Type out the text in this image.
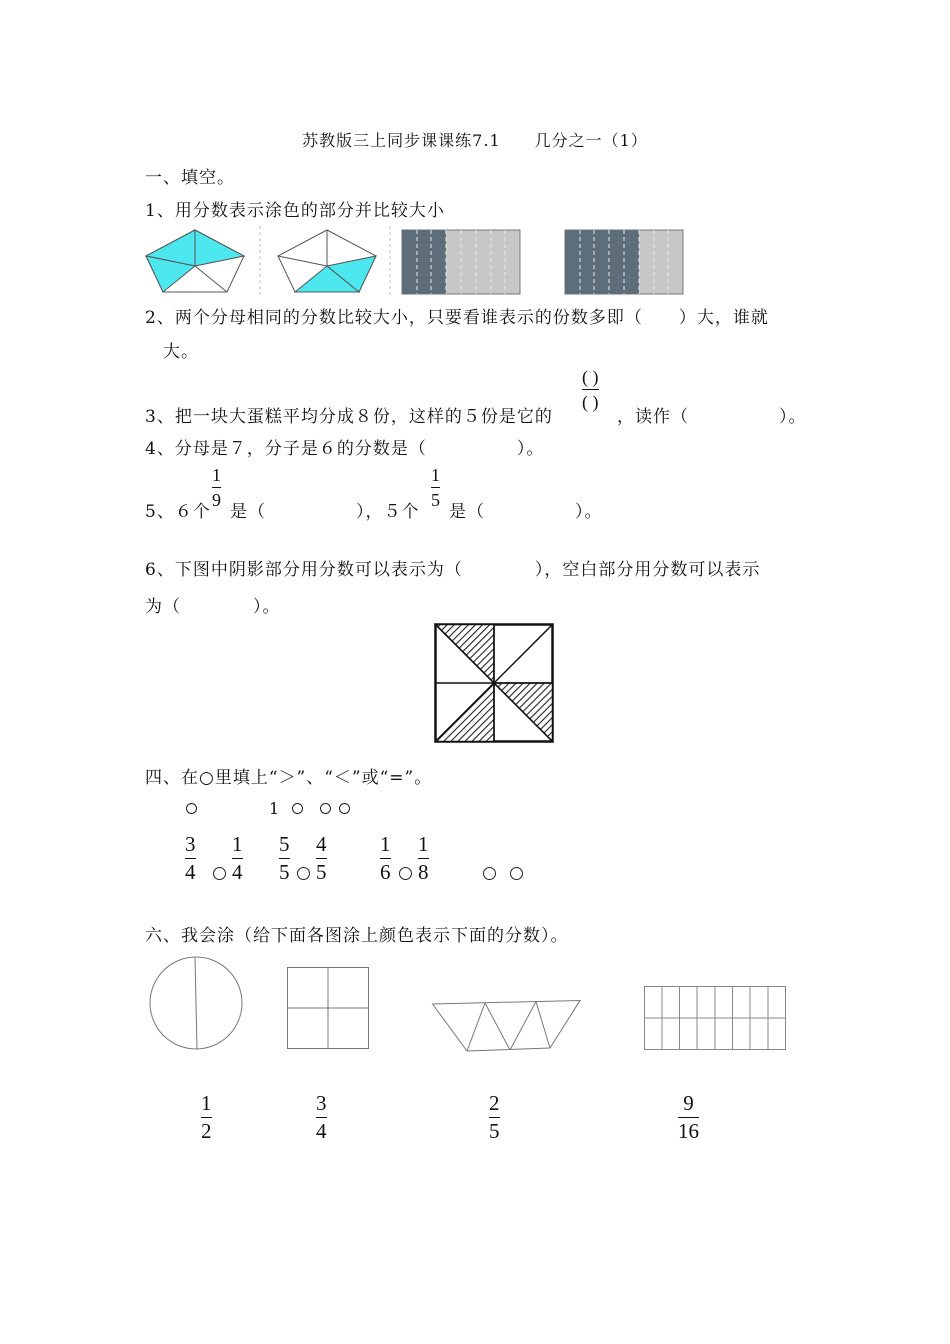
苏教版三上同步课课练7.1　　几分之一（1）
一、填空。
1、用分数表示涂色的部分并比较大小
2、两个分母相同的分数比较大小，只要看谁表示的份数多即（　　）大，谁就
大。
( )
( )
3、把一块大蛋糕平均分成８份，这样的５份是它的	，读作（　　　　　）。
4、分母是７，分子是６的分数是（　　　　　）。
5、６个
1
9
是（　　　　　），５个
1
5
是（　　　　　）。
6、下图中阴影部分用分数可以表示为（　　　　），空白部分用分数可以表示
为（　　　　）。
四、在○里填上“＞”、“＜”或“=”。
1
3
4
1
4
5
5
4
5
1
6
1
8
六、我会涂（给下面各图涂上颜色表示下面的分数）。
1
2
3
4
2
5
9
16
